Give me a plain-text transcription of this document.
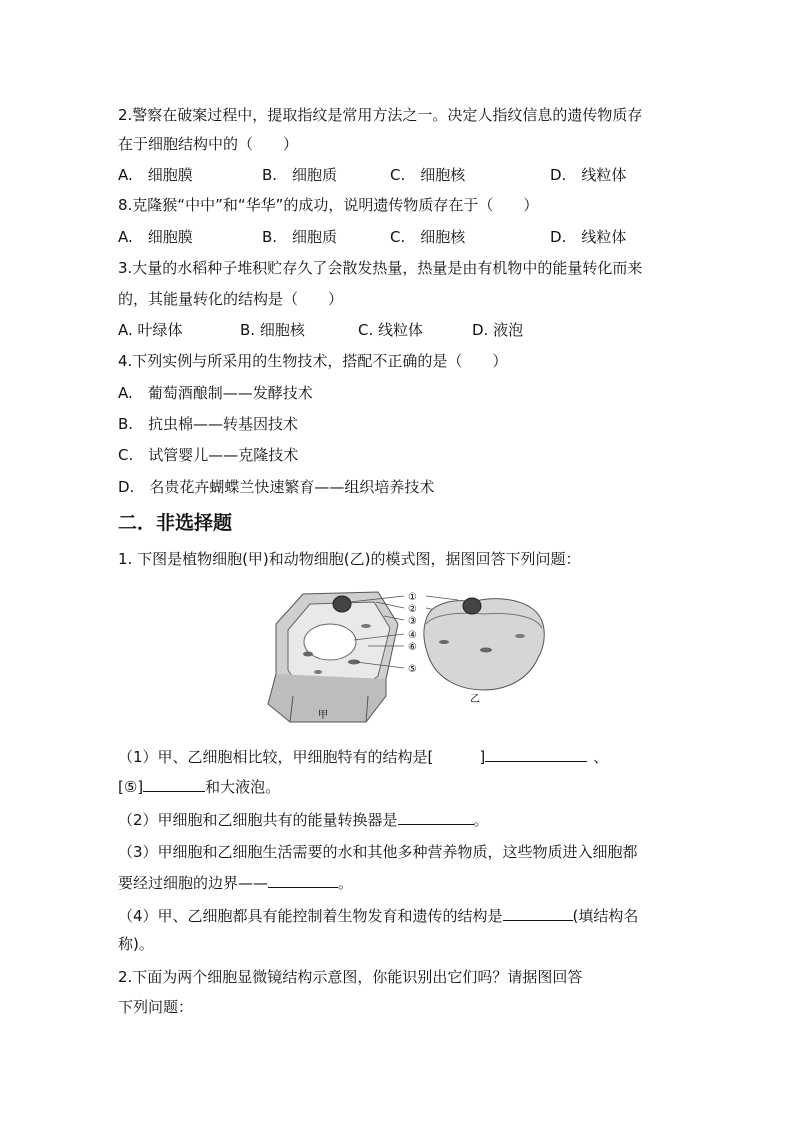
2.警察在破案过程中，提取指纹是常用方法之一。决定人指纹信息的遗传物质存
在于细胞结构中的（　　）
A.　细胞膜	B.　细胞质	C.　细胞核	D.　线粒体
8.克隆猴“中中”和“华华”的成功，说明遗传物质存在于（　　）
A.　细胞膜	B.　细胞质	C.　细胞核	D.　线粒体
3.大量的水稻种子堆积贮存久了会散发热量，热量是由有机物中的能量转化而来
的，其能量转化的结构是（　　）
A. 叶绿体	B. 细胞核	C. 线粒体	D. 液泡
4.下列实例与所采用的生物技术，搭配不正确的是（　　）
A.　葡萄酒酿制——发酵技术
B.　抗虫棉——转基因技术
C.　试管婴儿——克隆技术
D.　名贵花卉蝴蝶兰快速繁育——组织培养技术
二．非选择题
1. 下图是植物细胞(甲)和动物细胞(乙)的模式图，据图回答下列问题：
①
②
③
④
⑥
⑤
甲
乙
（1）甲、乙细胞相比较，甲细胞特有的结构是[	]	、
[⑤]	和大液泡。
（2）甲细胞和乙细胞共有的能量转换器是	。
（3）甲细胞和乙细胞生活需要的水和其他多种营养物质，这些物质进入细胞都
要经过细胞的边界——	。
（4）甲、乙细胞都具有能控制着生物发育和遗传的结构是	(填结构名
称)。
2.下面为两个细胞显微镜结构示意图，你能识别出它们吗？请据图回答
下列问题：
